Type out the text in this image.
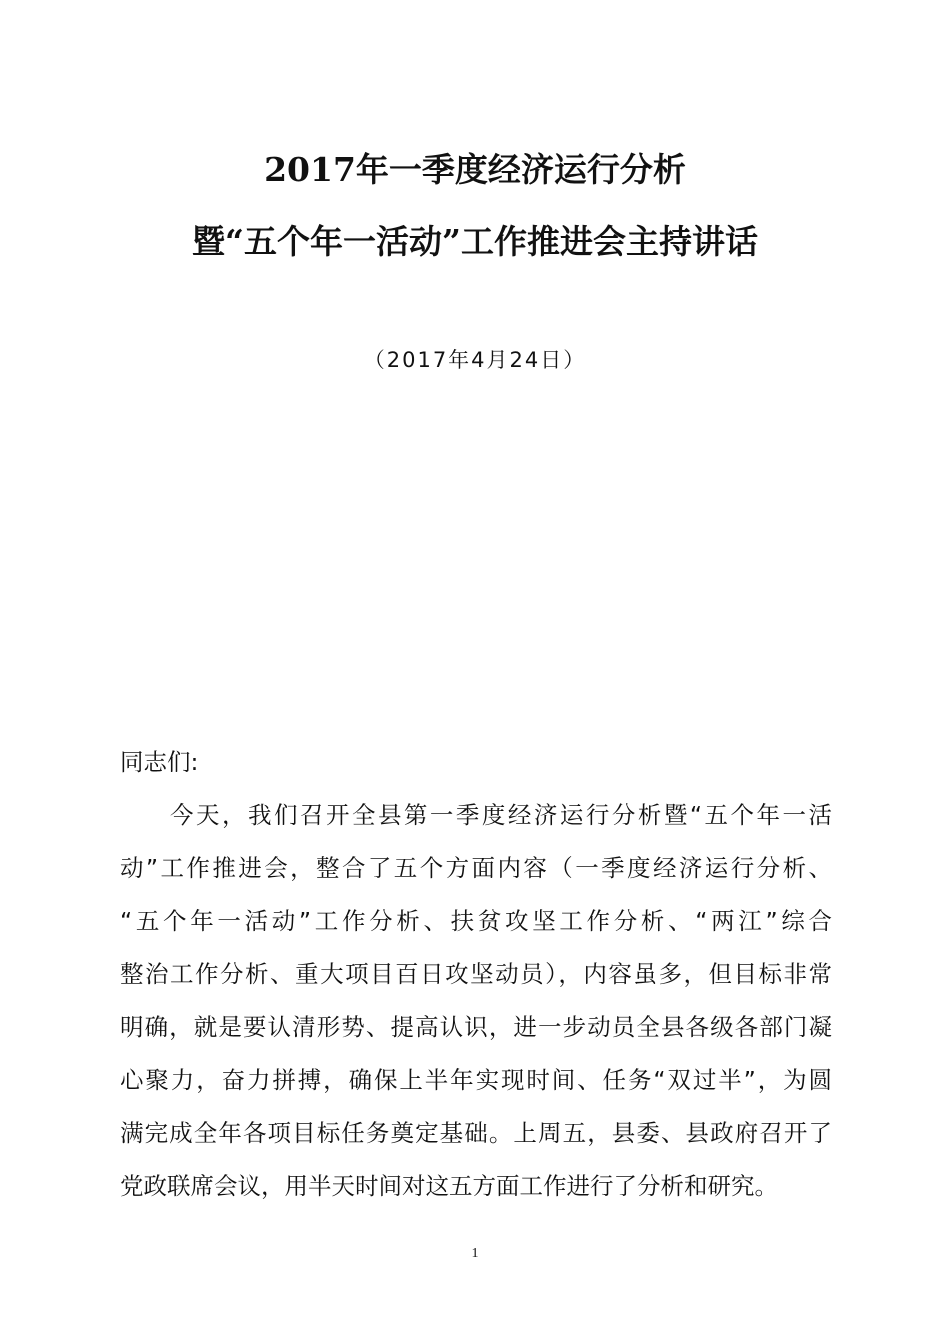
2017年一季度经济运行分析
暨“五个年一活动”工作推进会主持讲话
（2017年4月24日）
同志们:
今天，我们召开全县第一季度经济运行分析暨“五个年一活
动”工作推进会，整合了五个方面内容（一季度经济运行分析、
“五个年一活动”工作分析、扶贫攻坚工作分析、“两江”综合
整治工作分析、重大项目百日攻坚动员），内容虽多，但目标非常
明确，就是要认清形势、提高认识，进一步动员全县各级各部门凝
心聚力，奋力拼搏，确保上半年实现时间、任务“双过半”，为圆
满完成全年各项目标任务奠定基础。上周五，县委、县政府召开了
党政联席会议，用半天时间对这五方面工作进行了分析和研究。
1
